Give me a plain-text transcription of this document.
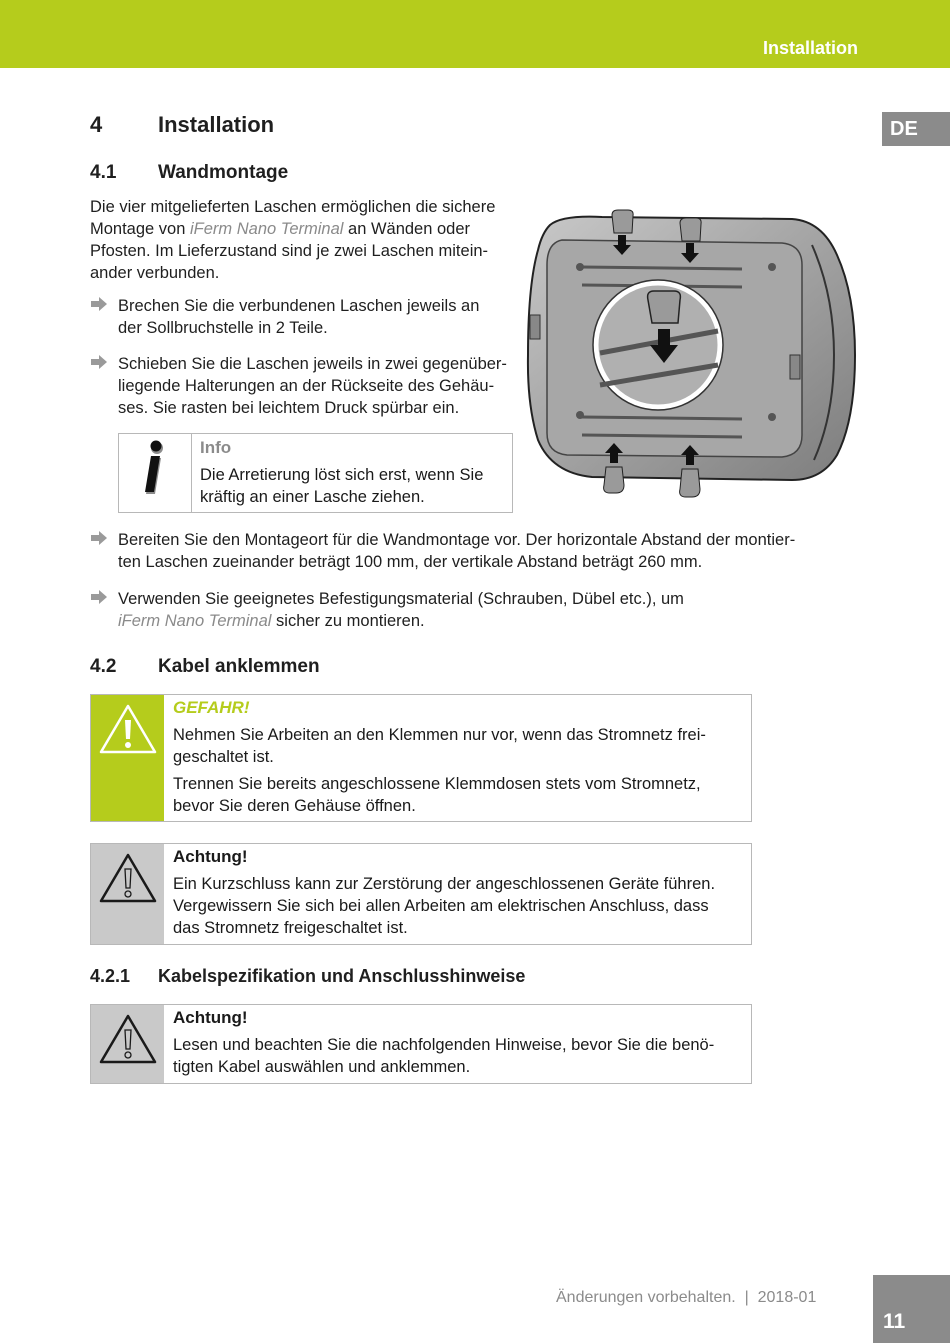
Installation
DE
4	Installation
4.1 Wandmontage
Die vier mitgelieferten Laschen ermöglichen die sichere
Montage von iFerm Nano Terminal an Wänden oder
Pfosten. Im Lieferzustand sind je zwei Laschen mitein-
ander verbunden.
Brechen Sie die verbundenen Laschen jeweils an
der Sollbruchstelle in 2 Teile.
Schieben Sie die Laschen jeweils in zwei gegenüber-
liegende Halterungen an der Rückseite des Gehäu-
ses. Sie rasten bei leichtem Druck spürbar ein.
Info
Die Arretierung löst sich erst, wenn Sie
kräftig an einer Lasche ziehen.
Bereiten Sie den Montageort für die Wandmontage vor. Der horizontale Abstand der montier-
ten Laschen zueinander beträgt 100 mm, der vertikale Abstand beträgt 260 mm.
Verwenden Sie geeignetes Befestigungsmaterial (Schrauben, Dübel etc.), um
iFerm Nano Terminal sicher zu montieren.
4.2 Kabel anklemmen
GEFAHR!

Nehmen Sie Arbeiten an den Klemmen nur vor, wenn das Stromnetz frei-
geschaltet ist.

Trennen Sie bereits angeschlossene Klemmdosen stets vom Stromnetz,
bevor Sie deren Gehäuse öffnen.

Achtung!
Ein Kurzschluss kann zur Zerstörung der angeschlossenen Geräte führen.
Vergewissern Sie sich bei allen Arbeiten am elektrischen Anschluss, dass
das Stromnetz freigeschaltet ist.
4.2.1 Kabelspezifikation und Anschlusshinweise
Achtung!
Lesen und beachten Sie die nachfolgenden Hinweise, bevor Sie die benö-
tigten Kabel auswählen und anklemmen.
Änderungen vorbehalten.  |  2018-01
11
